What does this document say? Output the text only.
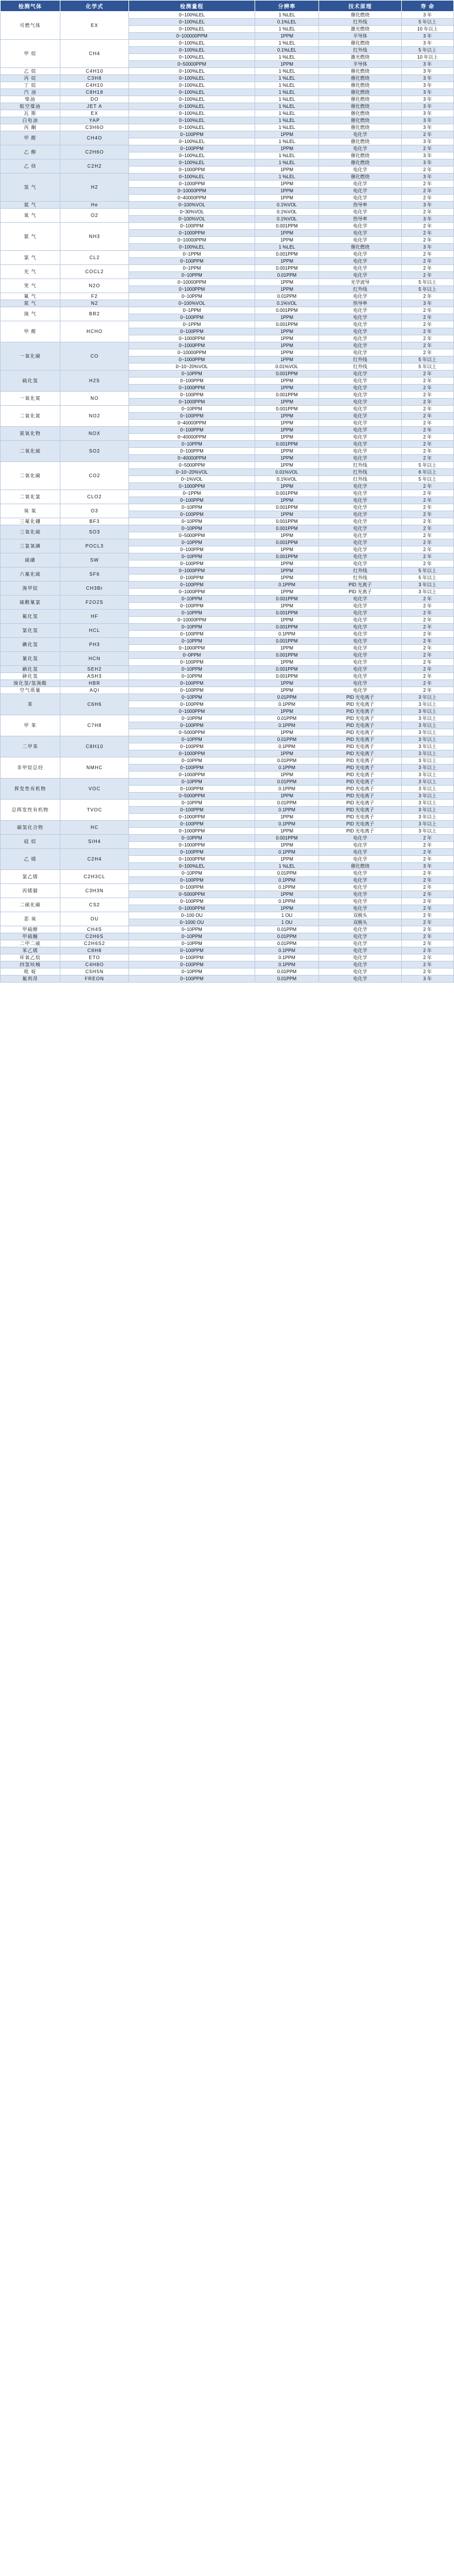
检测气体	化学式	检测量程	分辨率	技术原理	寿 命
可燃气体	EX	0~100%LEL	1 %LEL	催化燃烧	3 年
		0~100%LEL	0.1%LEL	红外线	5 年以上
		0~100%LEL	1 %LEL	激光燃烧	10 年以上
		0~100000PPM	1PPM	半导体	3 年
甲 烷	CH4	0~100%LEL	1 %LEL	催化燃烧	3 年
		0~100%LEL	0.1%LEL	红外线	5 年以上
		0~100%LEL	1 %LEL	激光燃烧	10 年以上
		0~50000PPM	1PPM	半导体	3 年
乙 烷	C4H10	0~100%LEL	1 %LEL	催化燃烧	3 年
丙 烷	C3H8	0~100%LEL	1 %LEL	催化燃烧	3 年
丁 烷	C4H10	0~100%LEL	1 %LEL	催化燃烧	3 年
汽 油	C8H18	0~100%LEL	1 %LEL	催化燃烧	3 年
柴油	DO	0~100%LEL	1 %LEL	催化燃烧	3 年
航空煤油	JET A	0~100%LEL	1 %LEL	催化燃烧	3 年
瓦 斯	EX	0~100%LEL	1 %LEL	催化燃烧	3 年
白电油	YAP	0~100%LEL	1 %LEL	催化燃烧	3 年
丙 酮	C3H6O	0~100%LEL	1 %LEL	催化燃烧	3 年
甲 醛	CH4O	0~100PPM	1PPM	电化学	2 年
		0~100%LEL	1 %LEL	催化燃烧	3 年
乙 醇	C2H6O	0~100PPM	1PPM	电化学	2 年
		0~100%LEL	1 %LEL	催化燃烧	3 年
乙 炔	C2H2	0~100%LEL	1 %LEL	催化燃烧	3 年
		0~1000PPM	1PPM	电化学	2 年
氢 气	H2	0~100%LEL	1 %LEL	催化燃烧	3 年
		0~1000PPM	1PPM	电化学	2 年
		0~10000PPM	1PPM	电化学	2 年
		0~40000PPM	1PPM	电化学	2 年
氦 气	He	0~100%VOL	0.1%VOL	热导率	3 年
氧 气	O2	0~30%VOL	0.1%VOL	电化学	2 年
		0~100%VOL	0.1%VOL	热导率	3 年
氨 气	NH3	0~100PPM	0.001PPM	电化学	2 年
		0~1000PPM	1PPM	电化学	2 年
		0~10000PPM	1PPM	电化学	2 年
		0~100%LEL	1 %LEL	催化燃烧	3 年
氯 气	CL2	0~1PPM	0.001PPM	电化学	2 年
		0~100PPM	1PPM	电化学	2 年
光 气	COCL2	0~1PPM	0.001PPM	电化学	2 年
		0~10PPM	0.01PPM	电化学	2 年
笑 气	N2O	0~10000PPM	1PPM	光学波导	5 年以上
		0~1000PPM	1PPM	红外线	5 年以上
氟 气	F2	0~10PPM	0.01PPM	电化学	2 年
氮 气	N2	0~100%VOL	0.1%VOL	热导率	3 年
溴 气	BR2	0~1PPM	0.001PPM	电化学	2 年
		0~100PPM	1PPM	电化学	2 年
甲 醛	HCHO	0~1PPM	0.001PPM	电化学	2 年
		0~100PPM	1PPM	电化学	2 年
		0~1000PPM	1PPM	电化学	2 年
一氧化碳	CO	0~1000PPM	1PPM	电化学	2 年
		0~10000PPM	1PPM	电化学	2 年
		0~1000PPM	1PPM	红外线	5 年以上
		0~10~20%VOL	0.01%VOL	红外线	5 年以上
硫化氢	H2S	0~10PPM	0.001PPM	电化学	2 年
		0~100PPM	1PPM	电化学	2 年
		0~1000PPM	1PPM	电化学	2 年
一氧化氮	NO	0~100PPM	0.001PPM	电化学	2 年
		0~1000PPM	1PPM	电化学	2 年
二氧化氮	NO2	0~10PPM	0.001PPM	电化学	2 年
		0~100PPM	1PPM	电化学	2 年
		0~40000PPM	1PPM	电化学	2 年
氮氧化物	NOX	0~100PPM	1PPM	电化学	2 年
		0~40000PPM	1PPM	电化学	2 年
二氧化硫	SO2	0~10PPM	0.001PPM	电化学	2 年
		0~100PPM	1PPM	电化学	2 年
		0~40000PPM	1PPM	电化学	2 年
二氧化碳	CO2	0~5000PPM	1PPM	红外线	5 年以上
		0~10~20%VOL	0.01%VOL	红外线	6 年以上
		0~1%VOL	0.1%VOL	红外线	5 年以上
		0~1000PPM	1PPM	电化学	2 年
二氧化氯	CLO2	0~1PPM	0.001PPM	电化学	2 年
		0~100PPM	1PPM	电化学	2 年
臭 氧	O3	0~10PPM	0.001PPM	电化学	2 年
		0~100PPM	1PPM	电化学	2 年
三氟化硼	BF3	0~10PPM	0.001PPM	电化学	2 年
三氧化硫	SO3	0~10PPM	0.001PPM	电化学	2 年
		0~5000PPM	1PPM	电化学	2 年
三氯氧磷	POCL3	0~10PPM	0.001PPM	电化学	2 年
		0~100PPM	1PPM	电化学	2 年
硫磺	SW	0~10PPM	0.001PPM	电化学	2 年
		0~100PPM	1PPM	电化学	2 年
六氟化硫	SF6	0~1000PPM	1PPM	红外线	5 年以上
		0~100PPM	1PPM	红外线	5 年以上
溴甲烷	CH3Br	0~100PPM	0.1PPM	PID 光离子	3 年以上
		0~1000PPM	1PPM	PID 光离子	3 年以上
硫酰氟氯	F2O2S	0~10PPM	0.001PPM	电化学	2 年
		0~100PPM	1PPM	电化学	2 年
氟化氢	HF	0~10PPM	0.001PPM	电化学	2 年
		0~10000PPM	1PPM	电化学	2 年
氯化氢	HCL	0~10PPM	0.001PPM	电化学	2 年
		0~100PPM	0.1PPM	电化学	2 年
碘化氢	PH3	0~10PPM	0.001PPM	电化学	2 年
		0~1000PPM	1PPM	电化学	2 年
氰化氢	HCN	0~0PPM	0.001PPM	电化学	2 年
		0~100PPM	1PPM	电化学	2 年
硒化氢	SEH2	0~10PPM	0.001PPM	电化学	2 年
砷化氢	ASH3	0~10PPM	0.001PPM	电化学	2 年
溴化氢/氢溴酸	HBR	0~100PPM	1PPM	电化学	2 年
空气质量	AQI	0~100PPM	1PPM	电化学	2 年
苯	C6H6	0~10PPM	0.01PPM	PID 光电离子	3 年以上
		0~100PPM	0.1PPM	PID 光电离子	3 年以上
		0~1000PPM	1PPM	PID 光电离子	3 年以上
甲 苯	C7H8	0~10PPM	0.01PPM	PID 光电离子	3 年以上
		0~100PPM	0.1PPM	PID 光电离子	3 年以上
		0~5000PPM	1PPM	PID 光电离子	3 年以上
二甲苯	C8H10	0~10PPM	0.01PPM	PID 光电离子	3 年以上
		0~100PPM	0.1PPM	PID 光电离子	3 年以上
		0~1000PPM	1PPM	PID 光电离子	3 年以上
非甲烷总烃	NMHC	0~10PPM	0.01PPM	PID 光电离子	3 年以上
		0~100PPM	0.1PPM	PID 光电离子	3 年以上
		0~1000PPM	1PPM	PID 光电离子	3 年以上
挥发性有机物	VOC	0~10PPM	0.01PPM	PID 光电离子	3 年以上
		0~100PPM	0.1PPM	PID 光电离子	3 年以上
		0~5000PPM	1PPM	PID 光电离子	3 年以上
总挥发性有机物	TVOC	0~10PPM	0.01PPM	PID 光电离子	3 年以上
		0~100PPM	0.1PPM	PID 光电离子	3 年以上
		0~1000PPM	1PPM	PID 光电离子	3 年以上
碳氢化合物	HC	0~100PPM	0.1PPM	PID 光电离子	3 年以上
		0~1000PPM	1PPM	PID 光电离子	3 年以上
硅 烷	SIH4	0~10PPM	0.001PPM	电化学	2 年
		0~1000PPM	1PPM	电化学	2 年
乙 烯	C2H4	0~100PPM	0.1PPM	电化学	2 年
		0~1000PPM	1PPM	电化学	2 年
		0~100%LEL	1 %LEL	催化燃烧	3 年
氯乙烯	C2H3CL	0~10PPM	0.01PPM	电化学	2 年
		0~100PPM	0.1PPM	电化学	2 年
丙烯腈	C3H3N	0~100PPM	0.1PPM	电化学	2 年
		0~5000PPM	1PPM	电化学	2 年
二硫化碳	CS2	0~100PPM	0.1PPM	电化学	2 年
		0~1000PPM	1PPM	电化学	2 年
恶 臭	OU	0~100 OU	1 OU	双极头	2 年
		0~1000 OU	1 OU	双极头	2 年
甲硫醇	CH4S	0~10PPM	0.01PPM	电化学	2 年
甲硫醚	C2H6S	0~10PPM	0.01PPM	电化学	2 年
二甲二硫	C2H6S2	0~10PPM	0.01PPM	电化学	2 年
苯乙烯	C8H8	0~100PPM	0.1PPM	电化学	2 年
环氧乙烷	ETO	0~100PPM	0.1PPM	电化学	2 年
四氢呋喃	C4H8O	0~100PPM	0.1PPM	电化学	2 年
吡 啶	C5H5N	0~10PPM	0.01PPM	电化学	2 年
氟利昂	FREON	0~100PPM	0.01PPM	电化学	3 年
